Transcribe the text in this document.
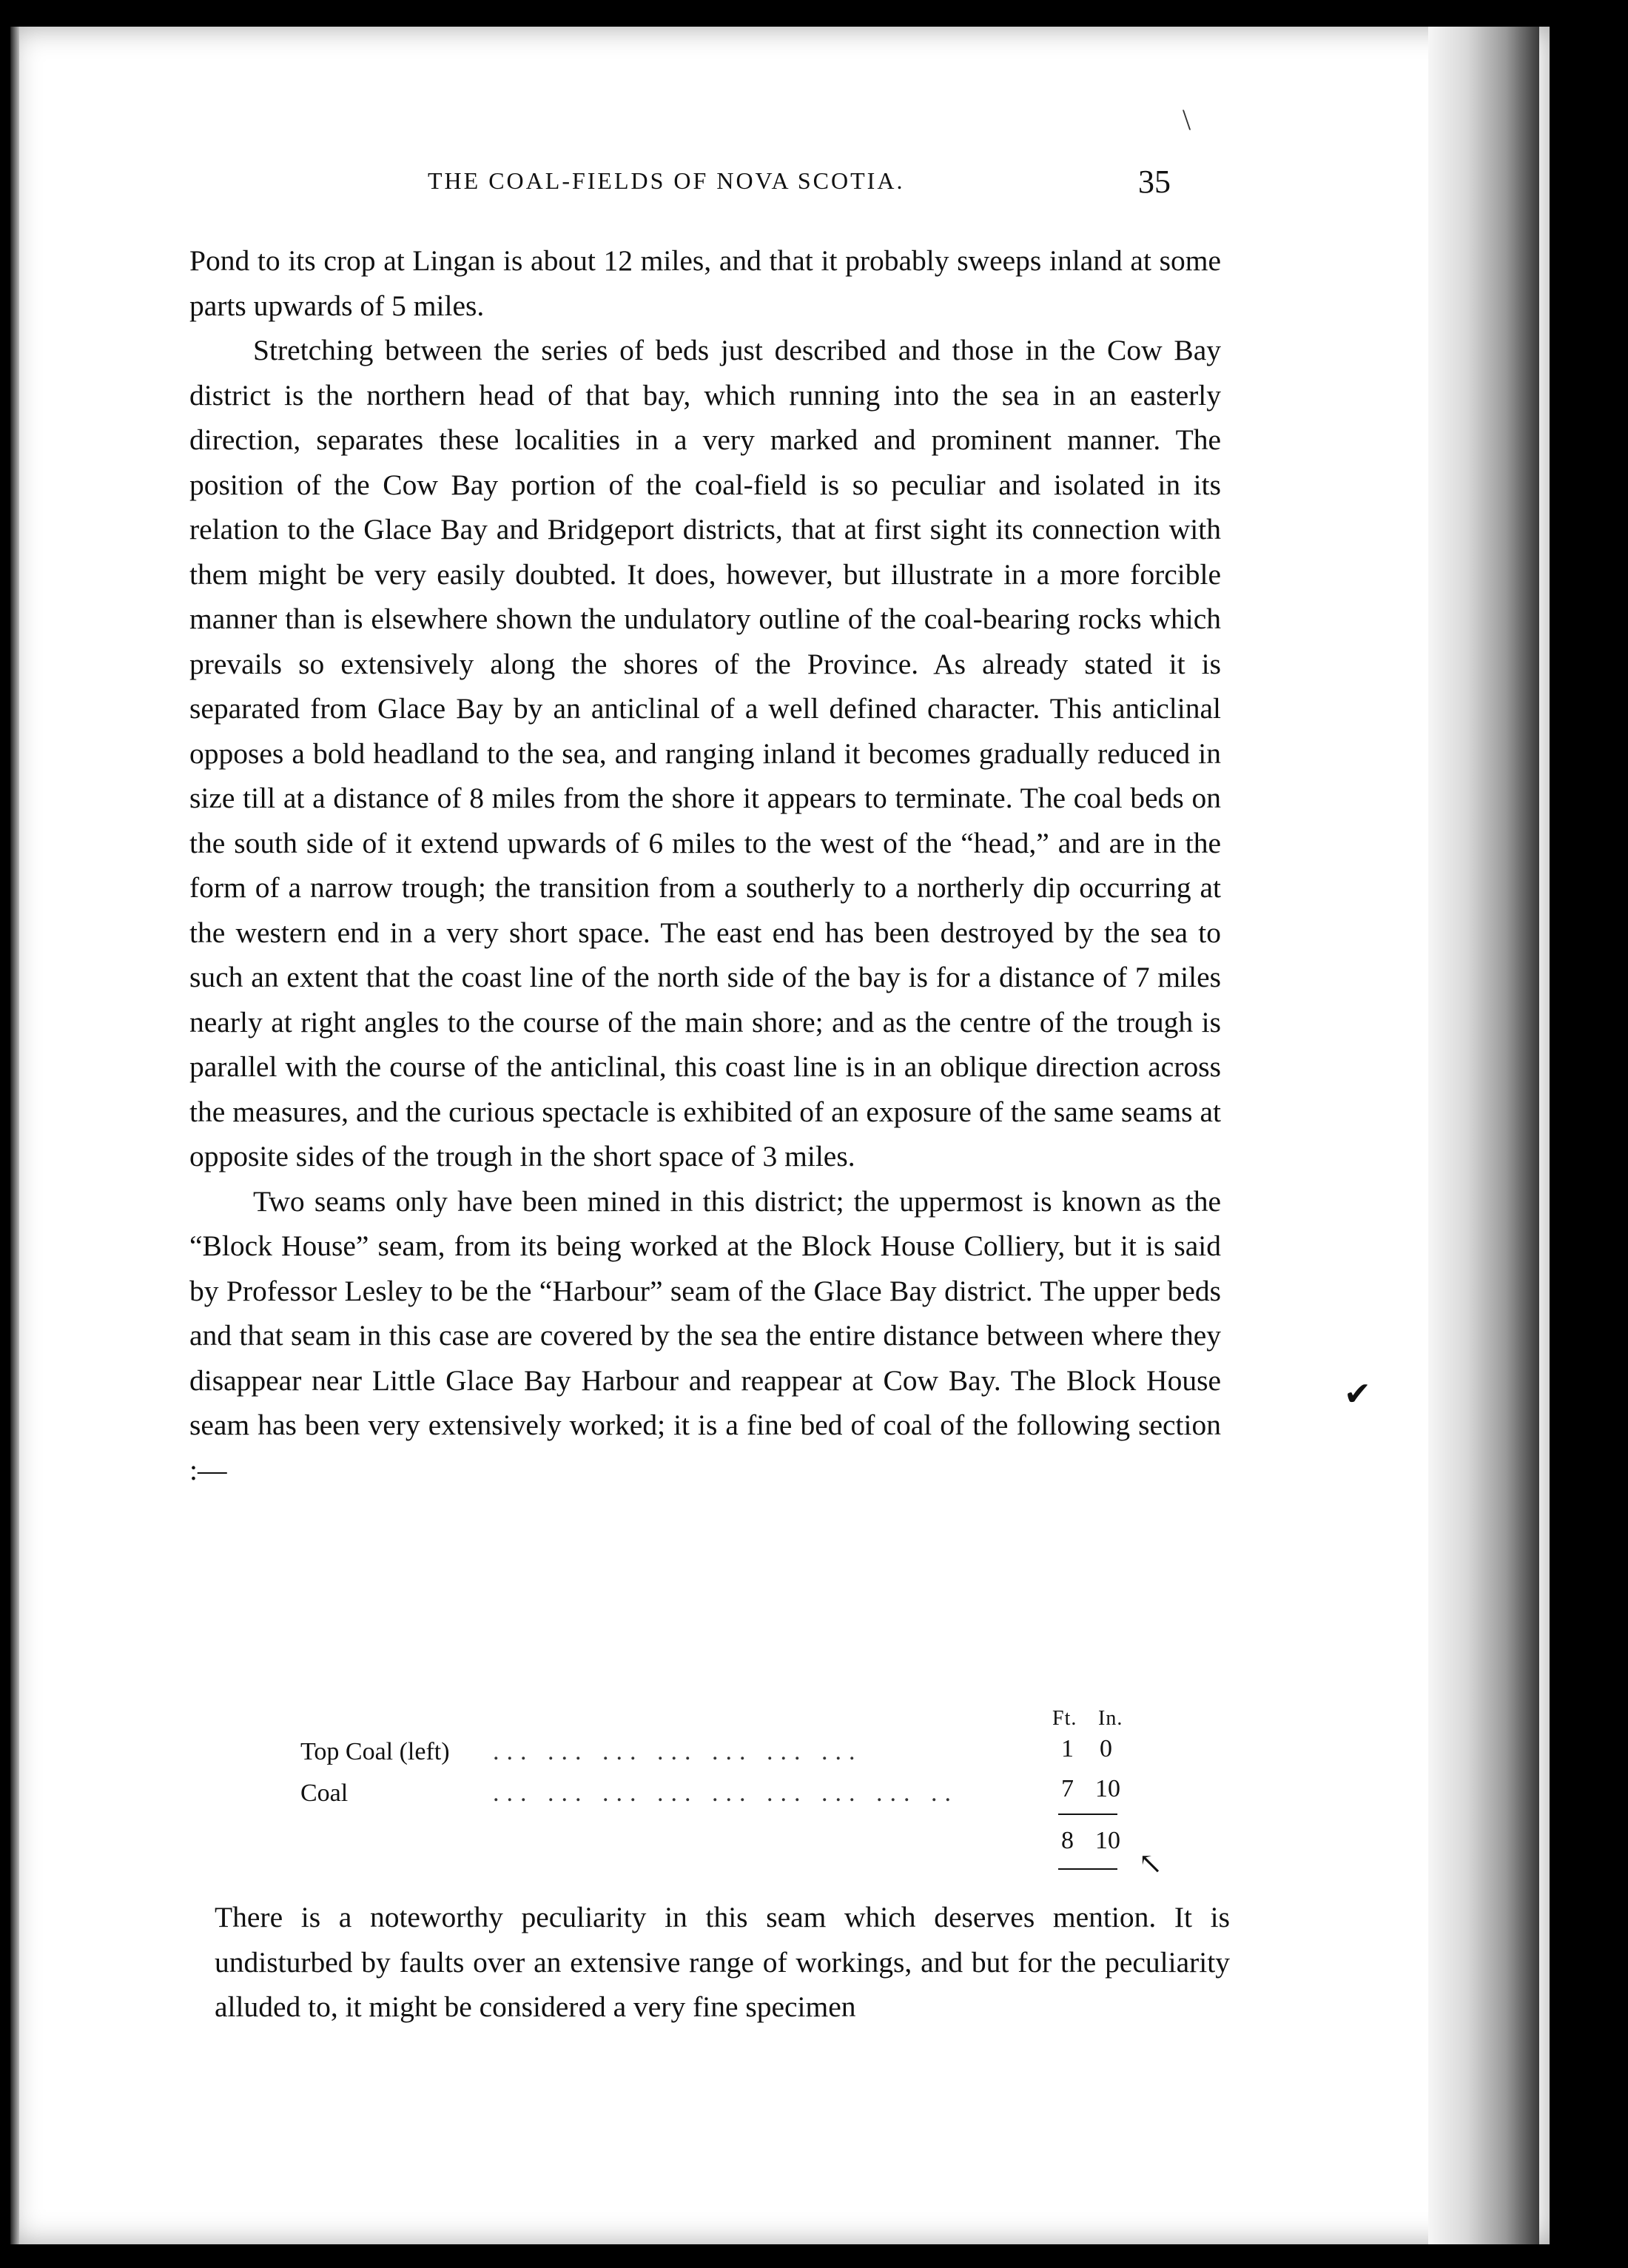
THE COAL-FIELDS OF NOVA SCOTIA.	35

Pond to its crop at Lingan is about 12 miles, and that it probably sweeps inland at some parts upwards of 5 miles.

Stretching between the series of beds just described and those in the Cow Bay district is the northern head of that bay, which running into the sea in an easterly direction, separates these localities in a very marked and prominent manner. The position of the Cow Bay portion of the coal-field is so peculiar and isolated in its relation to the Glace Bay and Bridgeport districts, that at first sight its connection with them might be very easily doubted. It does, however, but illustrate in a more forcible manner than is elsewhere shown the undulatory outline of the coal-bearing rocks which prevails so extensively along the shores of the Province. As already stated it is separated from Glace Bay by an anticlinal of a well defined character. This anticlinal opposes a bold headland to the sea, and ranging inland it becomes gradually reduced in size till at a distance of 8 miles from the shore it appears to terminate. The coal beds on the south side of it extend upwards of 6 miles to the west of the “head,” and are in the form of a narrow trough; the transition from a southerly to a northerly dip occurring at the western end in a very short space. The east end has been destroyed by the sea to such an extent that the coast line of the north side of the bay is for a distance of 7 miles nearly at right angles to the course of the main shore; and as the centre of the trough is parallel with the course of the anticlinal, this coast line is in an oblique direction across the measures, and the curious spectacle is exhibited of an exposure of the same seams at opposite sides of the trough in the short space of 3 miles.

Two seams only have been mined in this district; the uppermost is known as the “Block House” seam, from its being worked at the Block House Colliery, but it is said by Professor Lesley to be the “Harbour” seam of the Glace Bay district. The upper beds and that seam in this case are covered by the sea the entire distance between where they disappear near Little Glace Bay Harbour and reappear at Cow Bay. The Block House seam has been very extensively worked; it is a fine bed of coal of the following section :—

Ft. In.
Top Coal (left) ... ... ... ... ... ... ...	1 0
Coal	... ... ... ... ... ... ... ... ..	7 10
8 10

There is a noteworthy peculiarity in this seam which deserves mention. It is undisturbed by faults over an extensive range of workings, and but for the peculiarity alluded to, it might be considered a very fine specimen

\
✔
↖
